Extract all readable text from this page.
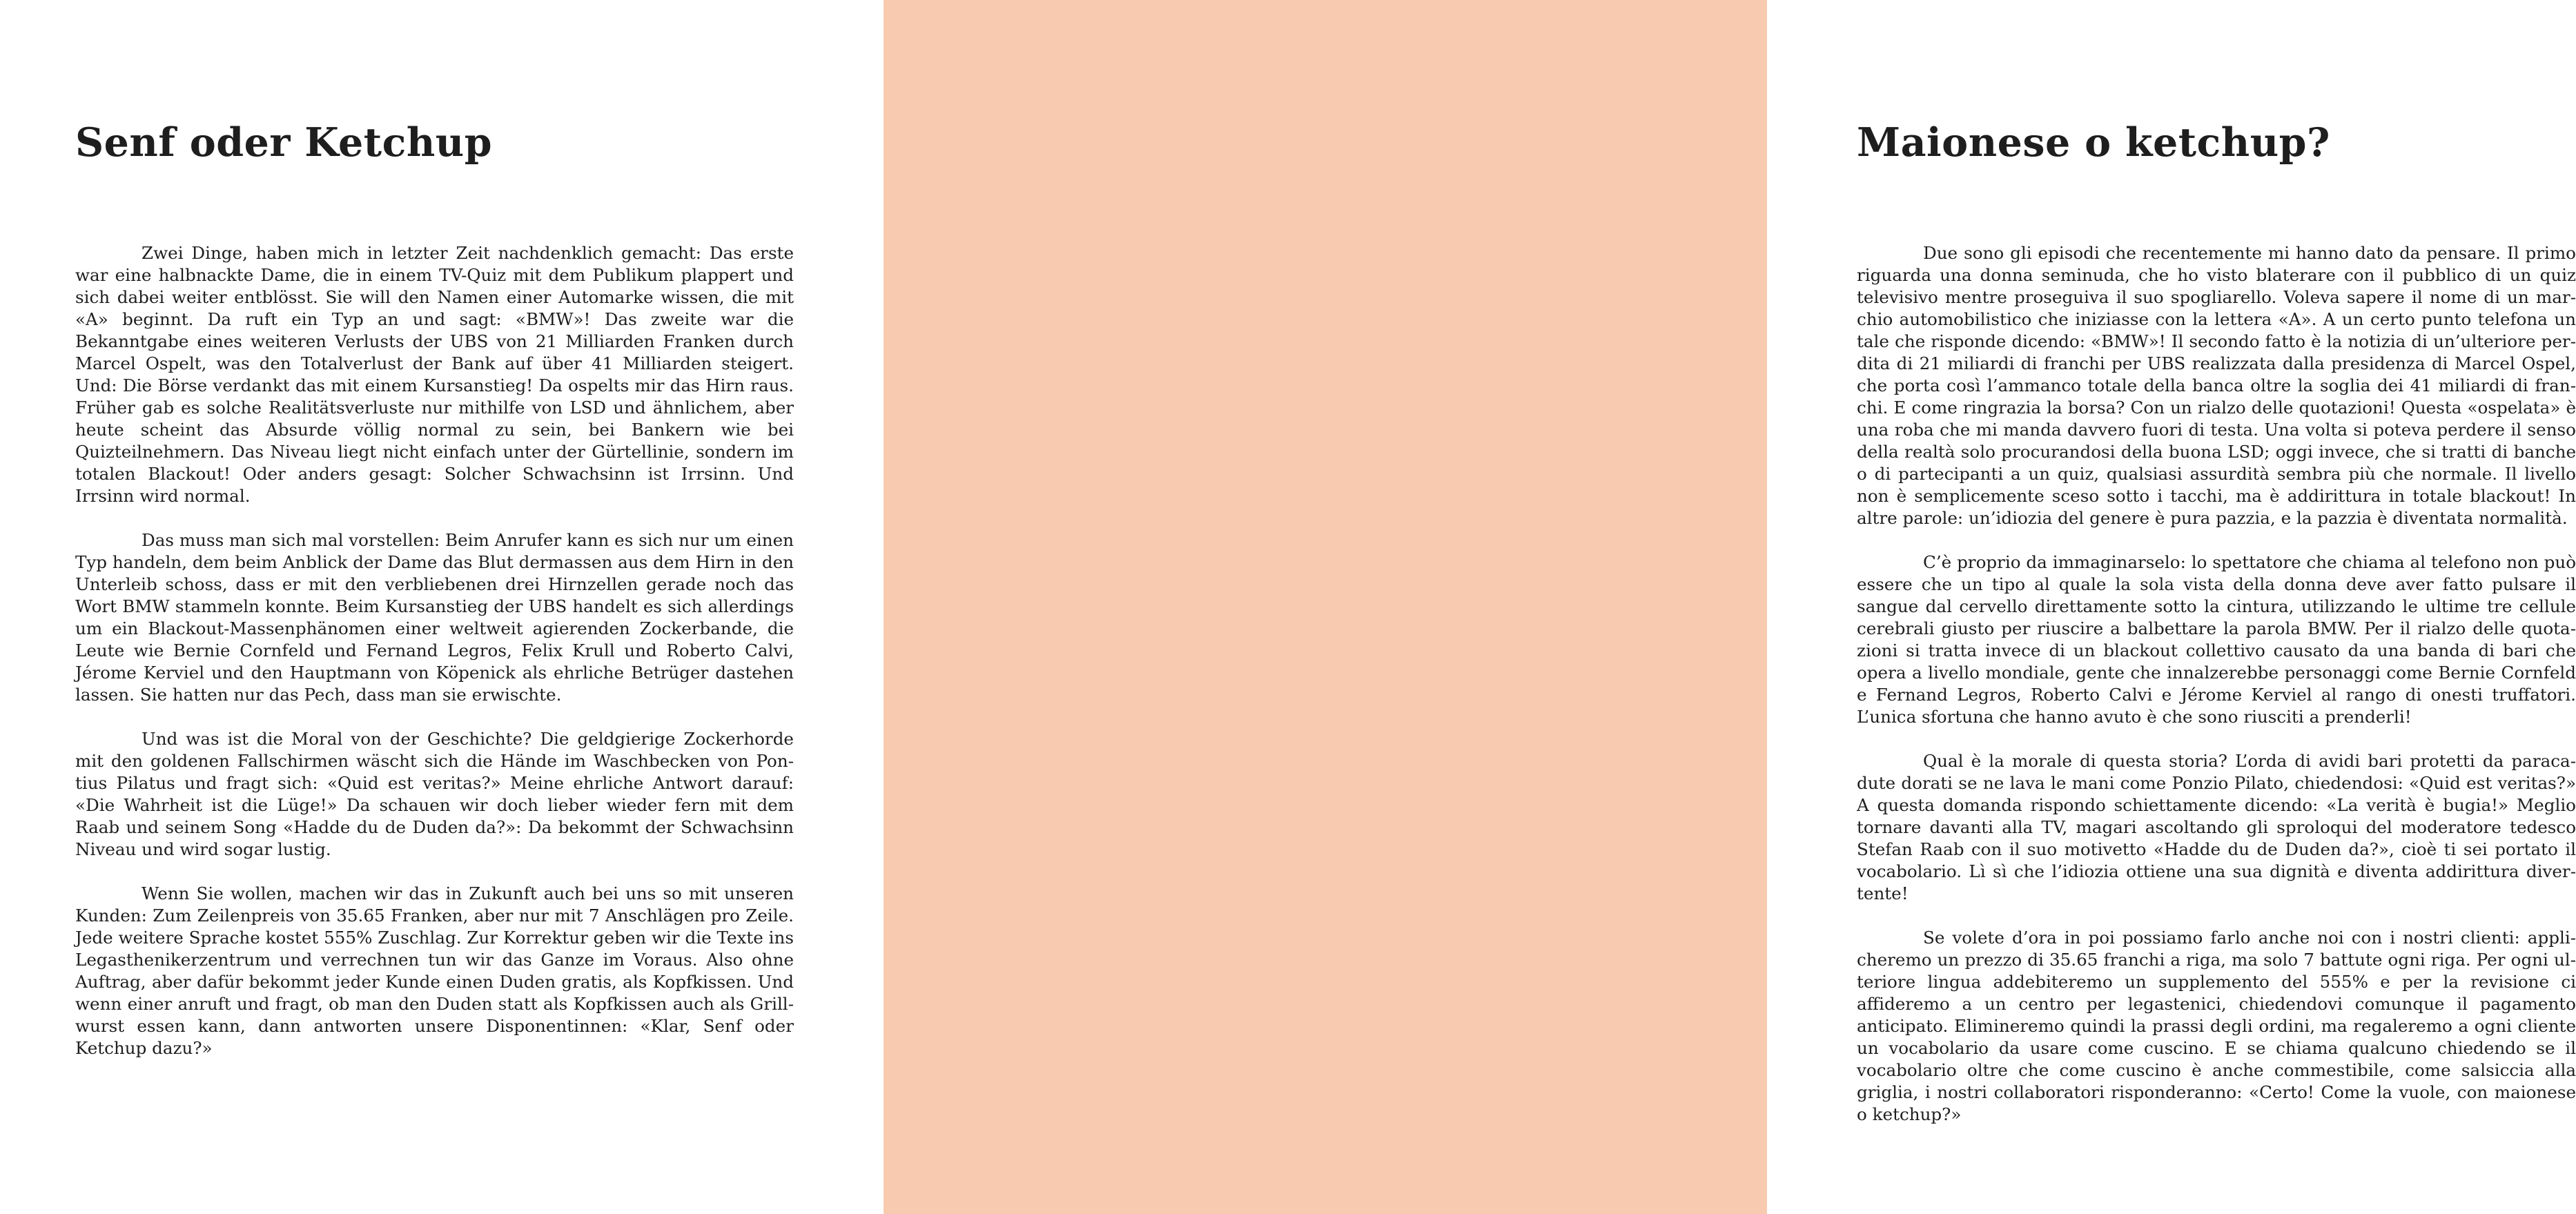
Senf oder Ketchup

Zwei Dinge, haben mich in letzter Zeit nachdenklich gemacht: Das erste war eine halbnackte Dame, die in einem TV-Quiz mit dem Publikum plappert und sich dabei weiter entblösst. Sie will den Namen einer Automarke wissen, die mit «A» beginnt. Da ruft ein Typ an und sagt: «BMW»! Das zweite war die Bekanntgabe eines weiteren Verlusts der UBS von 21 Milliarden Franken durch Marcel Ospelt, was den Totalverlust der Bank auf über 41 Milliarden steigert. Und: Die Börse verdankt das mit einem Kursanstieg! Da ospelts mir das Hirn raus. Früher gab es solche Realitätsverluste nur mithilfe von LSD und ähnlichem, aber heute scheint das Absurde völlig normal zu sein, bei Bankern wie bei Quizteilnehmern. Das Niveau liegt nicht einfach unter der Gürtellinie, sondern im totalen Blackout! Oder anders gesagt: Solcher Schwachsinn ist Irrsinn. Und Irrsinn wird normal.

Das muss man sich mal vorstellen: Beim Anrufer kann es sich nur um einen Typ handeln, dem beim Anblick der Dame das Blut dermassen aus dem Hirn in den Unterleib schoss, dass er mit den verbliebenen drei Hirnzellen gerade noch das Wort BMW stammeln konnte. Beim Kursanstieg der UBS handelt es sich allerdings um ein Blackout-Massenphänomen einer weltweit agierenden Zockerbande, die Leute wie Bernie Cornfeld und Fernand Legros, Felix Krull und Roberto Calvi, Jérome Kerviel und den Hauptmann von Köpenick als ehrliche Betrüger dastehen lassen. Sie hatten nur das Pech, dass man sie erwischte.

Und was ist die Moral von der Geschichte? Die geldgierige Zockerhorde mit den goldenen Fallschirmen wäscht sich die Hände im Waschbecken von Pontius Pilatus und fragt sich: «Quid est veritas?» Meine ehrliche Antwort darauf: «Die Wahrheit ist die Lüge!» Da schauen wir doch lieber wieder fern mit dem Raab und seinem Song «Hadde du de Duden da?»: Da bekommt der Schwachsinn Niveau und wird sogar lustig.

Wenn Sie wollen, machen wir das in Zukunft auch bei uns so mit unseren Kunden: Zum Zeilenpreis von 35.65 Franken, aber nur mit 7 Anschlägen pro Zeile. Jede weitere Sprache kostet 555% Zuschlag. Zur Korrektur geben wir die Texte ins Legasthenikerzentrum und verrechnen tun wir das Ganze im Voraus. Also ohne Auftrag, aber dafür bekommt jeder Kunde einen Duden gratis, als Kopfkissen. Und wenn einer anruft und fragt, ob man den Duden statt als Kopfkissen auch als Grillwurst essen kann, dann antworten unsere Disponentinnen: «Klar, Senf oder Ketchup dazu?»

Maionese o ketchup?

Due sono gli episodi che recentemente mi hanno dato da pensare. Il primo riguarda una donna seminuda, che ho visto blaterare con il pubblico di un quiz televisivo mentre proseguiva il suo spogliarello. Voleva sapere il nome di un marchio automobilistico che iniziasse con la lettera «A». A un certo punto telefona un tale che risponde dicendo: «BMW»! Il secondo fatto è la notizia di un’ulteriore perdita di 21 miliardi di franchi per UBS realizzata dalla presidenza di Marcel Ospel, che porta così l’ammanco totale della banca oltre la soglia dei 41 miliardi di franchi. E come ringrazia la borsa? Con un rialzo delle quotazioni! Questa «ospelata» è una roba che mi manda davvero fuori di testa. Una volta si poteva perdere il senso della realtà solo procurandosi della buona LSD; oggi invece, che si tratti di banche o di partecipanti a un quiz, qualsiasi assurdità sembra più che normale. Il livello non è semplicemente sceso sotto i tacchi, ma è addirittura in totale blackout! In altre parole: un’idiozia del genere è pura pazzia, e la pazzia è diventata normalità.

C’è proprio da immaginarselo: lo spettatore che chiama al telefono non può essere che un tipo al quale la sola vista della donna deve aver fatto pulsare il sangue dal cervello direttamente sotto la cintura, utilizzando le ultime tre cellule cerebrali giusto per riuscire a balbettare la parola BMW. Per il rialzo delle quotazioni si tratta invece di un blackout collettivo causato da una banda di bari che opera a livello mondiale, gente che innalzerebbe personaggi come Bernie Cornfeld e Fernand Legros, Roberto Calvi e Jérome Kerviel al rango di onesti truffatori. L’unica sfortuna che hanno avuto è che sono riusciti a prenderli!

Qual è la morale di questa storia? L’orda di avidi bari protetti da paracadute dorati se ne lava le mani come Ponzio Pilato, chiedendosi: «Quid est veritas?» A questa domanda rispondo schiettamente dicendo: «La verità è bugia!» Meglio tornare davanti alla TV, magari ascoltando gli sproloqui del moderatore tedesco Stefan Raab con il suo motivetto «Hadde du de Duden da?», cioè ti sei portato il vocabolario. Lì sì che l’idiozia ottiene una sua dignità e diventa addirittura divertente!

Se volete d’ora in poi possiamo farlo anche noi con i nostri clienti: applicheremo un prezzo di 35.65 franchi a riga, ma solo 7 battute ogni riga. Per ogni ulteriore lingua addebiteremo un supplemento del 555% e per la revisione ci affideremo a un centro per legastenici, chiedendovi comunque il pagamento anticipato. Elimineremo quindi la prassi degli ordini, ma regaleremo a ogni cliente un vocabolario da usare come cuscino. E se chiama qualcuno chiedendo se il vocabolario oltre che come cuscino è anche commestibile, come salsiccia alla griglia, i nostri collaboratori risponderanno: «Certo! Come la vuole, con maionese o ketchup?»
